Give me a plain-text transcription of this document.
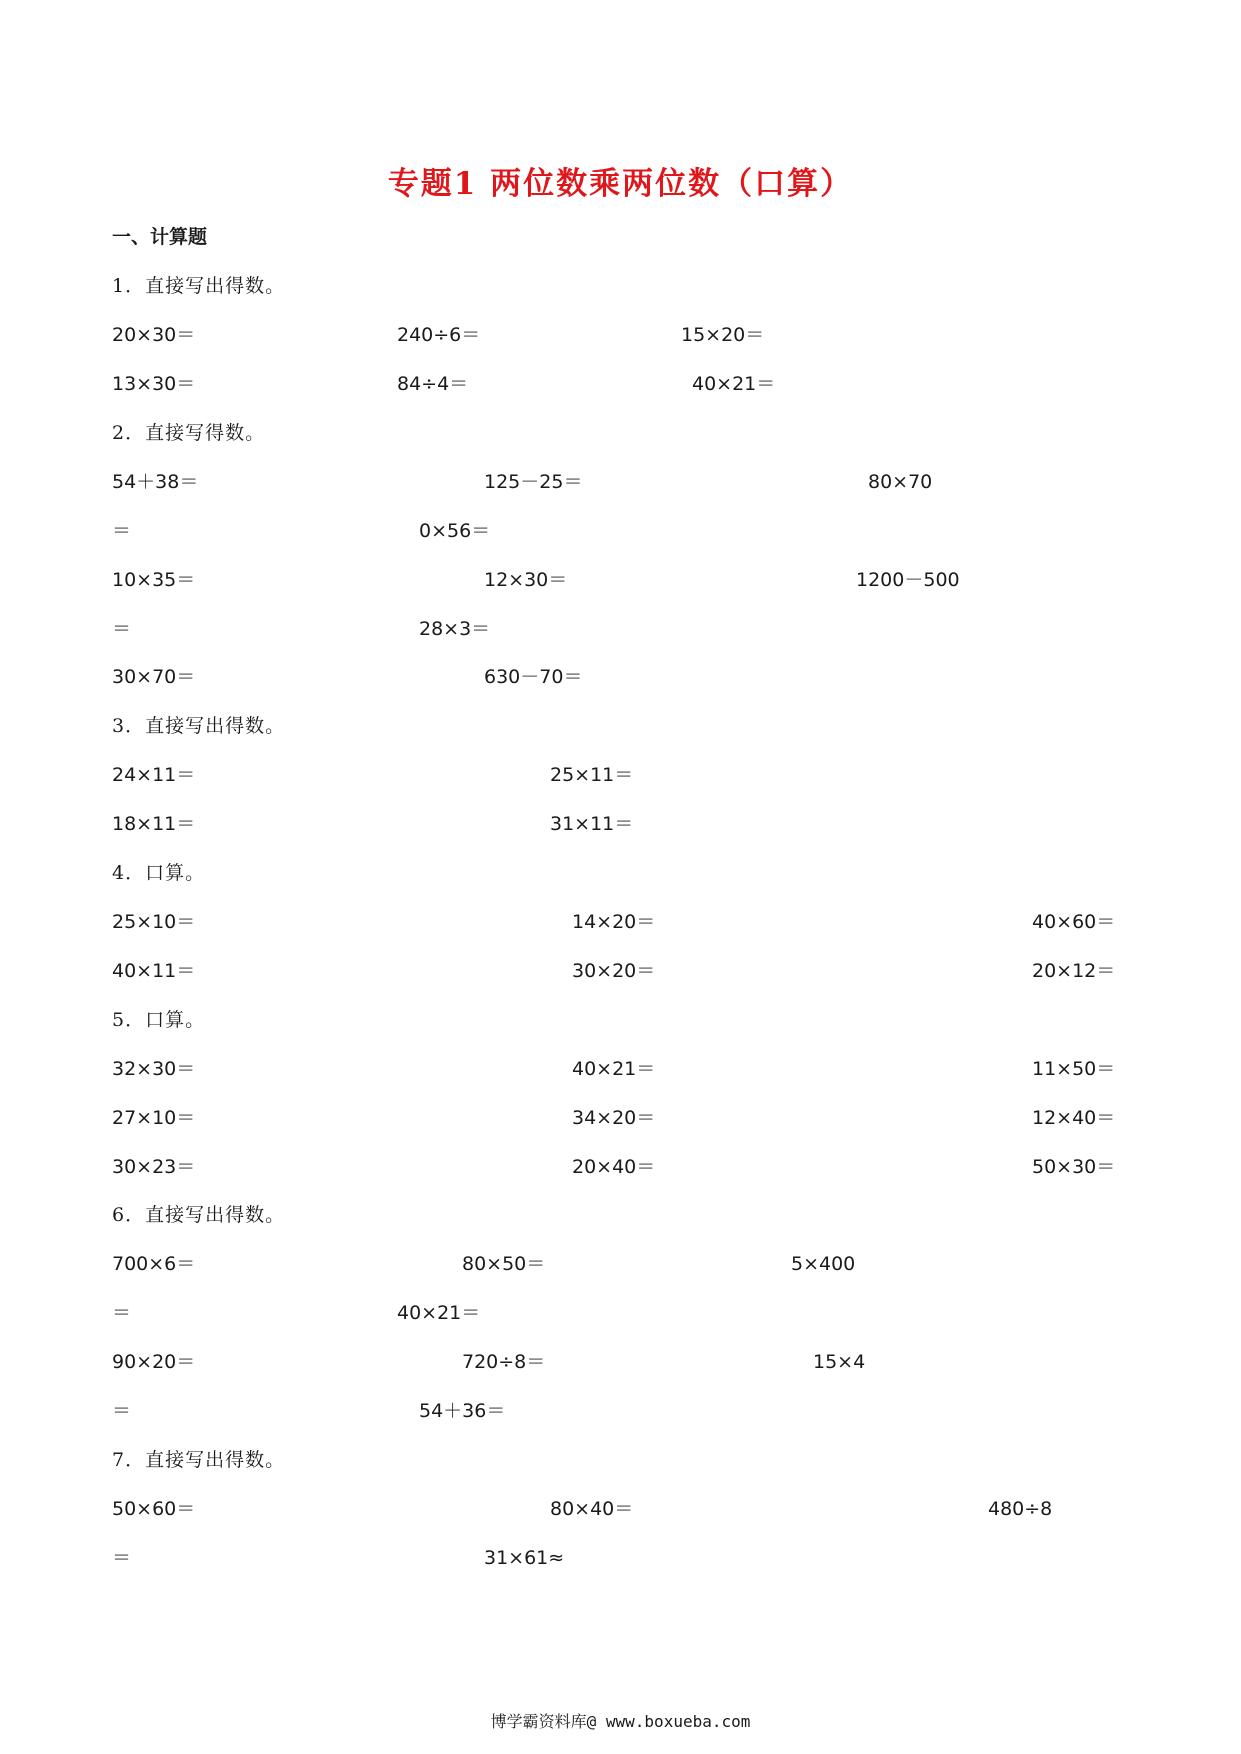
专题1 两位数乘两位数（口算）
一、计算题
1．直接写出得数。
20×30＝	240÷6＝	15×20＝
13×30＝	84÷4＝	40×21＝
2．直接写得数。
54＋38＝	125－25＝	80×70
＝	0×56＝
10×35＝	12×30＝	1200－500
＝	28×3＝
30×70＝	630－70＝
3．直接写出得数。
24×11＝	25×11＝
18×11＝	31×11＝
4．口算。
25×10＝	14×20＝	40×60＝
40×11＝	30×20＝	20×12＝
5．口算。
32×30＝	40×21＝	11×50＝
27×10＝	34×20＝	12×40＝
30×23＝	20×40＝	50×30＝
6．直接写出得数。
700×6＝	80×50＝	5×400
＝	40×21＝
90×20＝	720÷8＝	15×4
＝	54＋36＝
7．直接写出得数。
50×60＝	80×40＝	480÷8
＝	31×61≈
博学霸资料库@ www.boxueba.com
